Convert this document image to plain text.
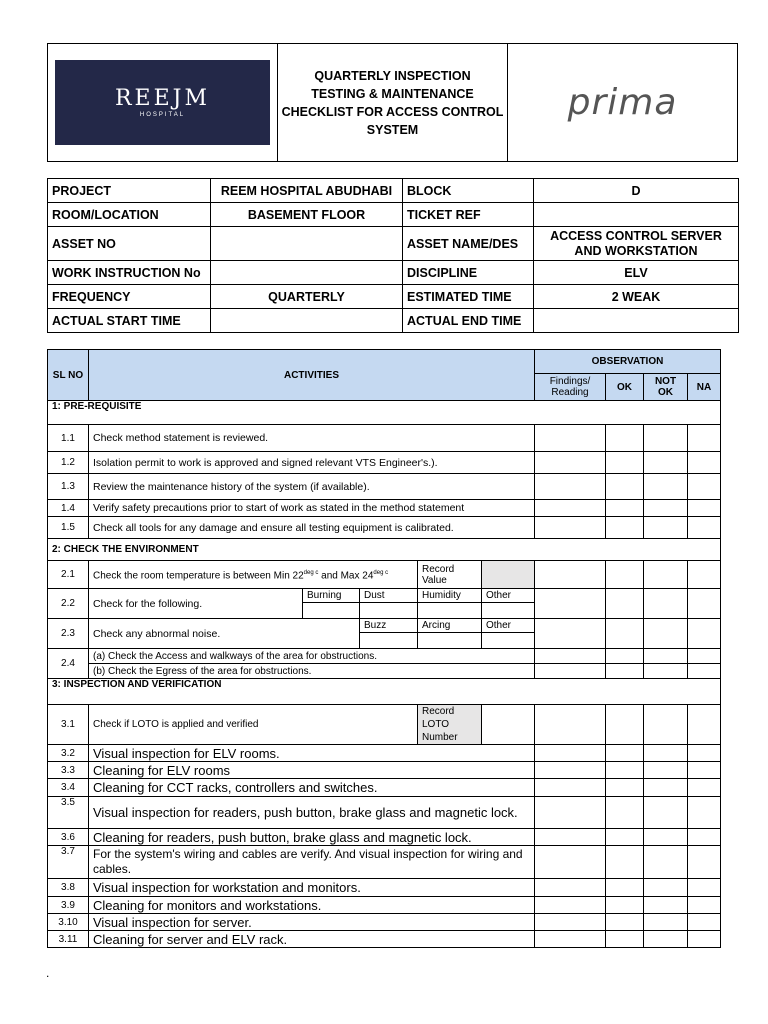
REEJM
HOSPITAL

QUARTERLY INSPECTION
TESTING & MAINTENANCE
CHECKLIST FOR ACCESS CONTROL
SYSTEM

prima
PROJECT	REEM HOSPITAL ABUDHABI	BLOCK	D
ROOM/LOCATION	BASEMENT FLOOR	TICKET REF	
ASSET NO		ASSET NAME/DES	ACCESS CONTROL SERVER AND WORKSTATION
WORK INSTRUCTION No		DISCIPLINE	ELV
FREQUENCY	QUARTERLY	ESTIMATED TIME	2 WEAK
ACTUAL START TIME		ACTUAL END TIME	
SL NO	ACTIVITIES					OBSERVATION			
						Findings/ Reading	OK	NOT OK	NA
1: PRE-REQUISITE									
1.1	Check method statement is reviewed.								
1.2	Isolation permit to work is approved and signed relevant VTS Engineer's.).								
1.3	Review the maintenance history of the system (if available).								
1.4	Verify safety precautions prior to start of work as stated in the method statement								
1.5	Check all tools for any damage and ensure all testing equipment is calibrated.								
2: CHECK THE ENVIRONMENT									
2.1	Check the room temperature is between Min $22^{deg c}$ and Max $24^{deg c}$			Record Value					
2.2	Check for the following.	Burning	Dust	Humidity	Other				

2.3	Check any abnormal noise.		Buzz	Arcing	Other				

2.4	(a) Check the Access and walkways of the area for obstructions.								
	(b) Check the Egress of the area for obstructions.								
3: INSPECTION AND VERIFICATION									
3.1	Check if LOTO is applied and verified			Record LOTO Number					
3.2	Visual inspection for ELV rooms.								
3.3	Cleaning for ELV rooms								
3.4	Cleaning for CCT racks, controllers and switches.								
3.5	Visual inspection for readers, push button, brake glass and magnetic lock.								
3.6	Cleaning for readers, push button, brake glass and magnetic lock.								
3.7	For the system's wiring and cables are verify. And visual inspection for wiring and cables.								
3.8	Visual inspection for workstation and monitors.								
3.9	Cleaning for monitors and workstations.								
3.10	Visual inspection for server.								
3.11	Cleaning for server and ELV rack.								
.
